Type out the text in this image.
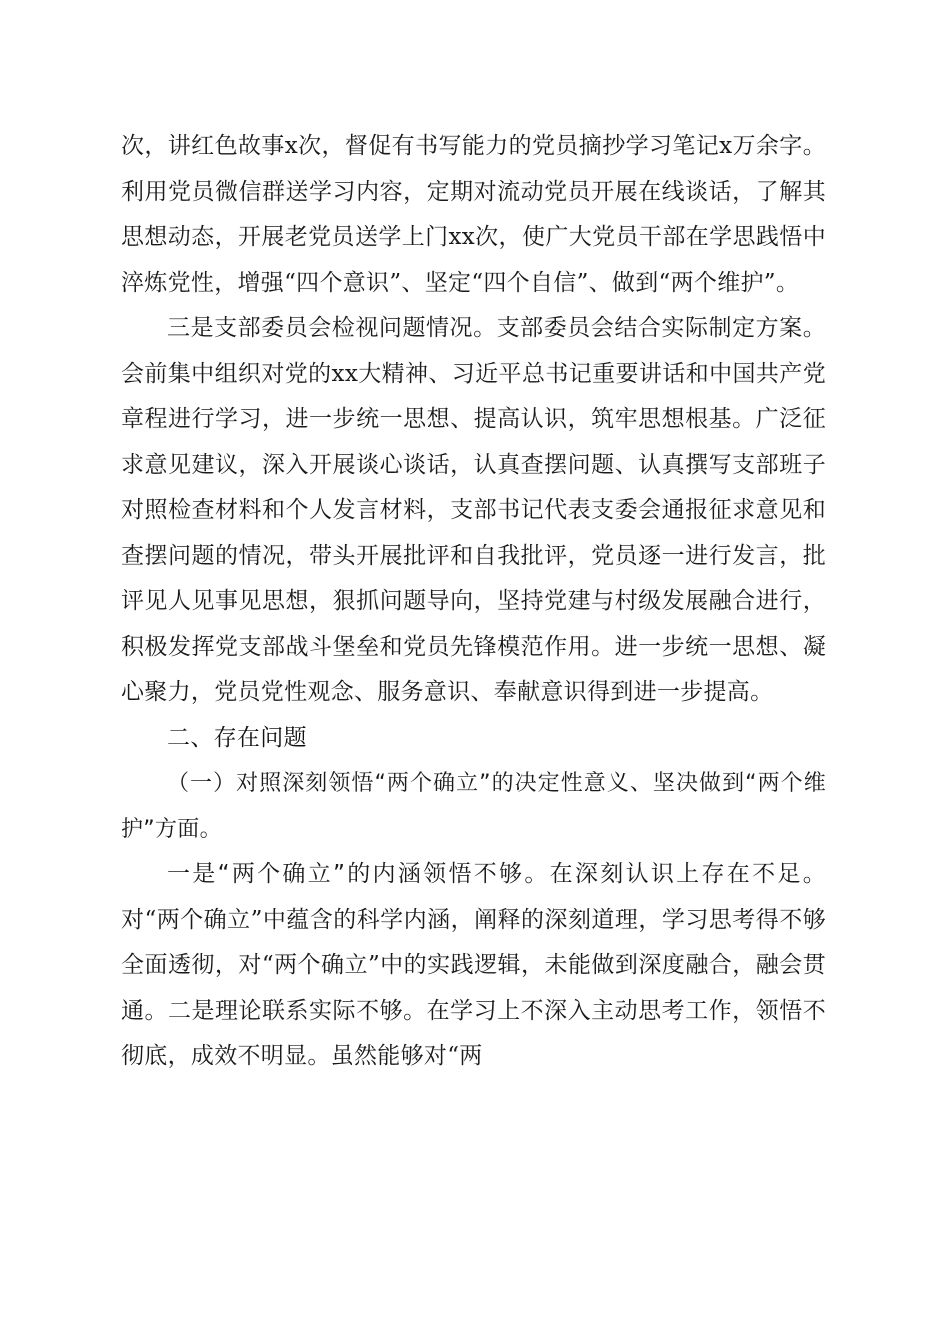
次，讲红色故事x次，督促有书写能力的党员摘抄学习笔记x万余字。利用党员微信群送学习内容，定期对流动党员开展在线谈话，了解其思想动态，开展老党员送学上门xx次，使广大党员干部在学思践悟中淬炼党性，增强“四个意识”、坚定“四个自信”、做到“两个维护”。

三是支部委员会检视问题情况。支部委员会结合实际制定方案。会前集中组织对党的xx大精神、习近平总书记重要讲话和中国共产党章程进行学习，进一步统一思想、提高认识，筑牢思想根基。广泛征求意见建议，深入开展谈心谈话，认真查摆问题、认真撰写支部班子对照检查材料和个人发言材料，支部书记代表支委会通报征求意见和查摆问题的情况，带头开展批评和自我批评，党员逐一进行发言，批评见人见事见思想，狠抓问题导向，坚持党建与村级发展融合进行，积极发挥党支部战斗堡垒和党员先锋模范作用。进一步统一思想、凝心聚力，党员党性观念、服务意识、奉献意识得到进一步提高。

二、存在问题

（一）对照深刻领悟“两个确立”的决定性意义、坚决做到“两个维护”方面。

一是“两个确立”的内涵领悟不够。在深刻认识上存在不足。对“两个确立”中蕴含的科学内涵，阐释的深刻道理，学习思考得不够全面透彻，对“两个确立”中的实践逻辑，未能做到深度融合，融会贯通。二是理论联系实际不够。在学习上不深入主动思考工作，领悟不彻底，成效不明显。虽然能够对“两
